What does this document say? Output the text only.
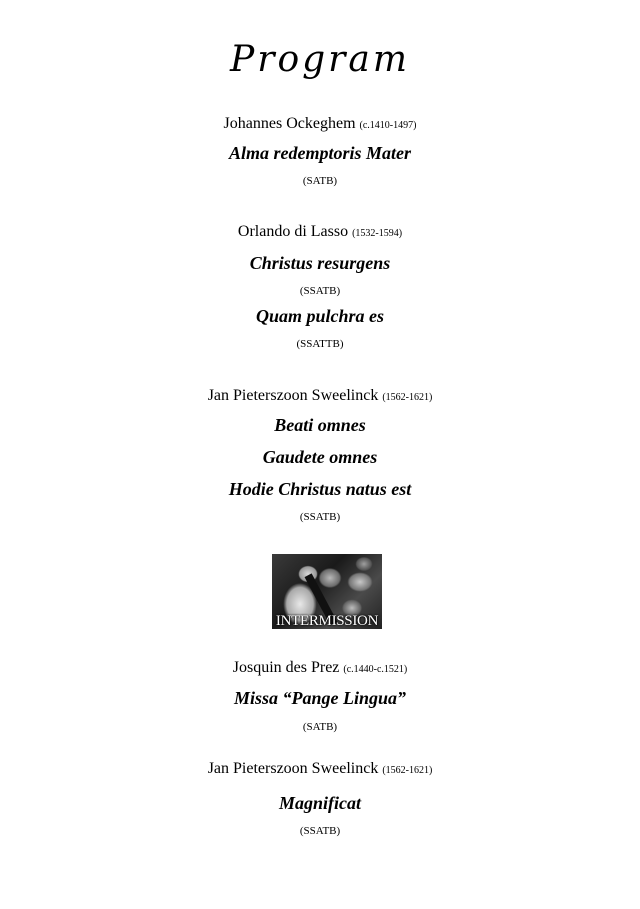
Program
Johannes Ockeghem (c.1410-1497)
Alma redemptoris Mater
(SATB)
Orlando di Lasso (1532-1594)
Christus resurgens
(SSATB)
Quam pulchra es
(SSATTB)
Jan Pieterszoon Sweelinck (1562-1621)
Beati omnes
Gaudete omnes
Hodie Christus natus est
(SSATB)
INTERMISSION
Josquin des Prez (c.1440-c.1521)
Missa “Pange Lingua”
(SATB)
Jan Pieterszoon Sweelinck (1562-1621)
Magnificat
(SSATB)
